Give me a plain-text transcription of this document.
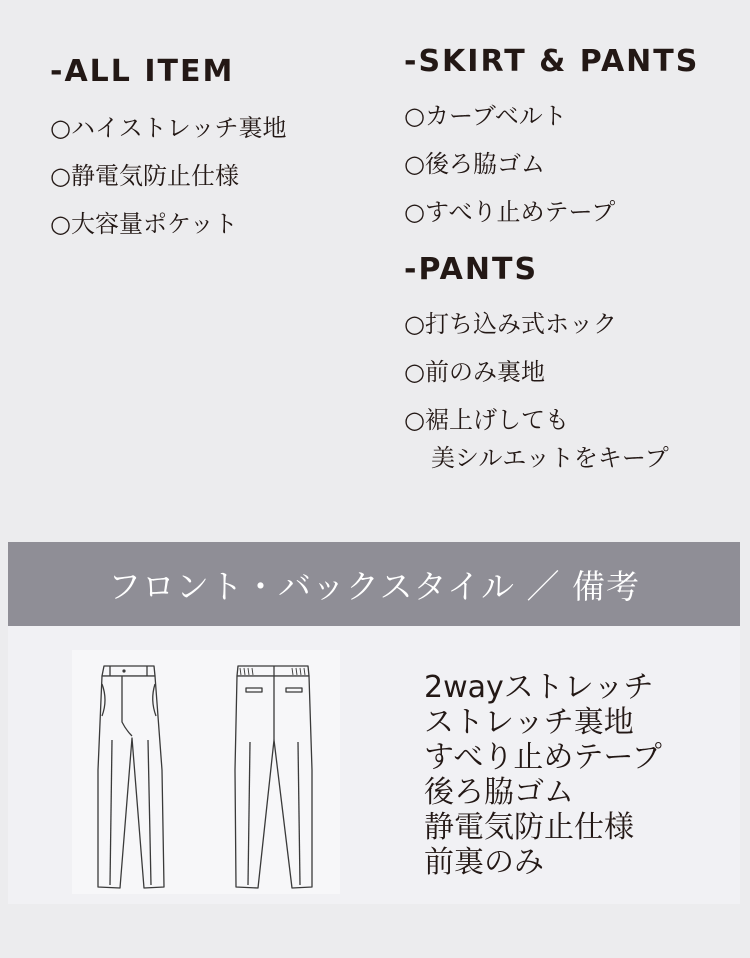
-ALL ITEM
○ハイストレッチ裏地
○静電気防止仕様
○大容量ポケット
-SKIRT & PANTS
○カーブベルト
○後ろ脇ゴム
○すべり止めテープ
-PANTS
○打ち込み式ホック
○前のみ裏地
○裾上げしても
美シルエットをキープ
フロント・バックスタイル ／ 備考
2wayストレッチ
ストレッチ裏地
すべり止めテープ
後ろ脇ゴム
静電気防止仕様
前裏のみ
